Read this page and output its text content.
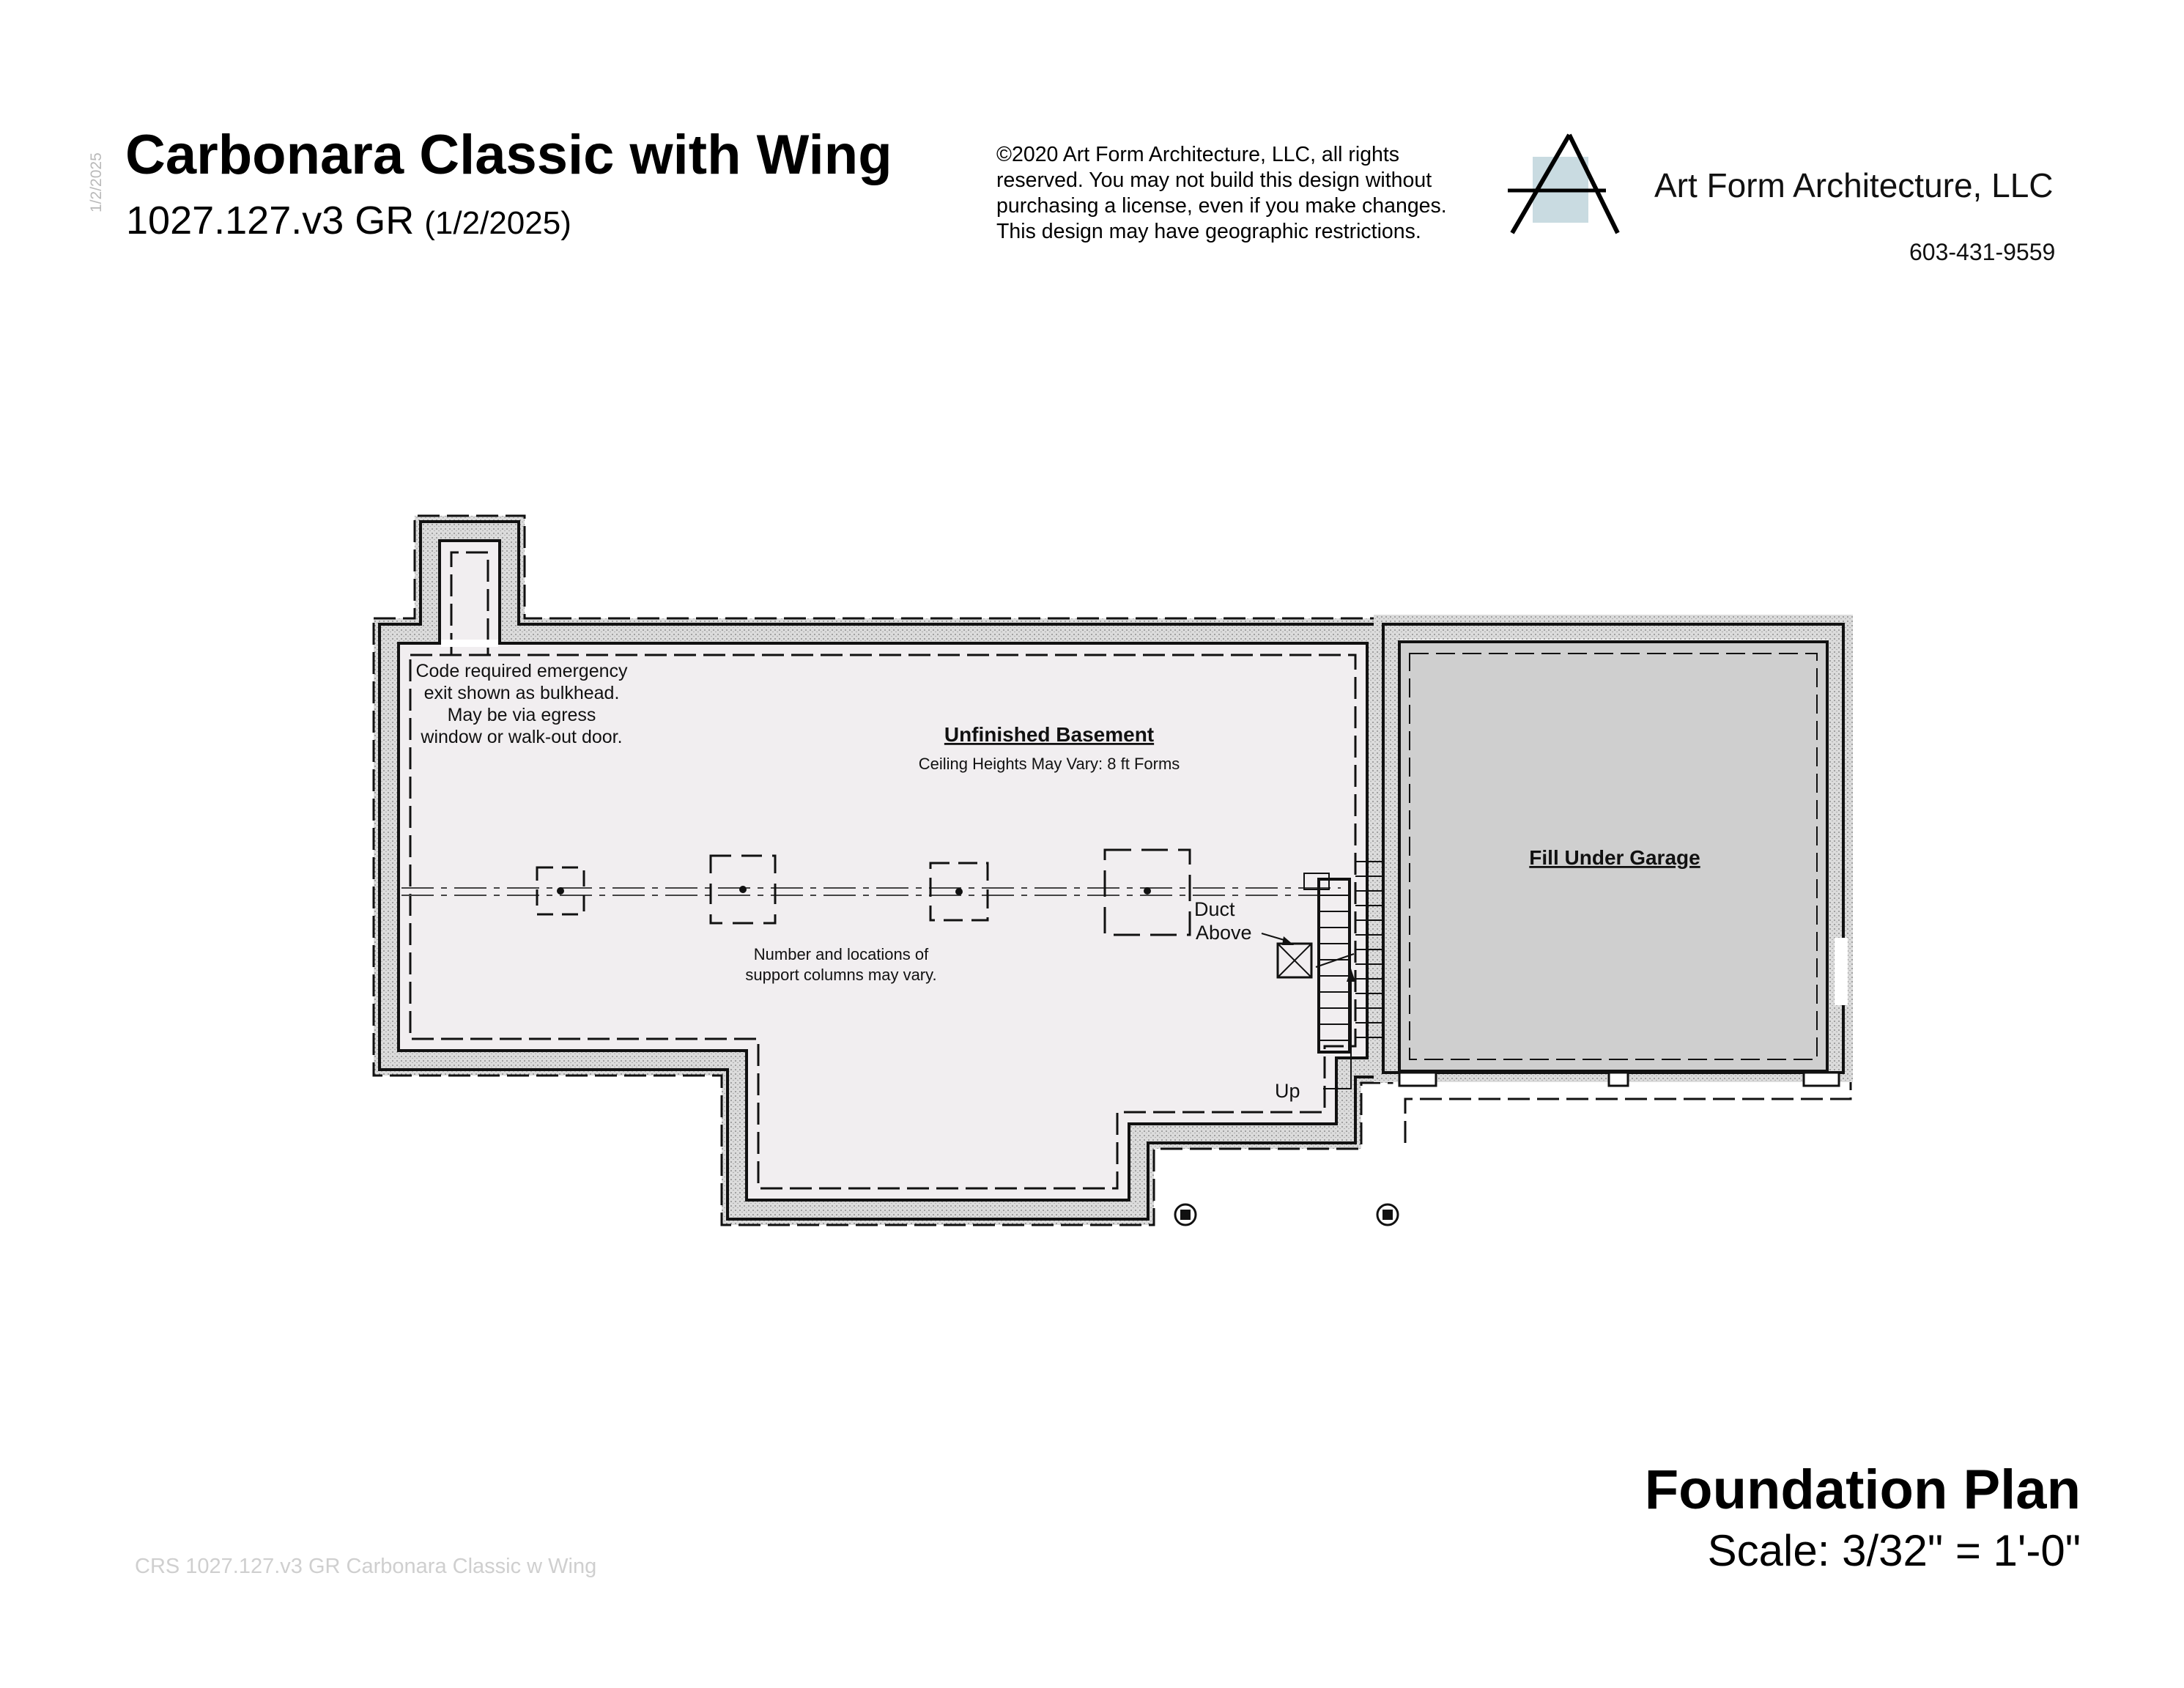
1/2/2025 Carbonara Classic with Wing
1027.127.v3 GR (1/2/2025)
©2020 Art Form Architecture, LLC, all rights
reserved. You may not build this design without
purchasing a license, even if you make changes.
This design may have geographic restrictions.
Art Form Architecture, LLC
603-431-9559
Unfinished Basement
Ceiling Heights May Vary: 8 ft Forms
Code required emergency
exit shown as bulkhead.
May be via egress
window or walk-out door.
Number and locations of
support columns may vary.
Duct
Above
Up
Fill Under Garage
Foundation Plan
Scale: 3/32" = 1'-0"
CRS 1027.127.v3 GR Carbonara Classic w Wing
